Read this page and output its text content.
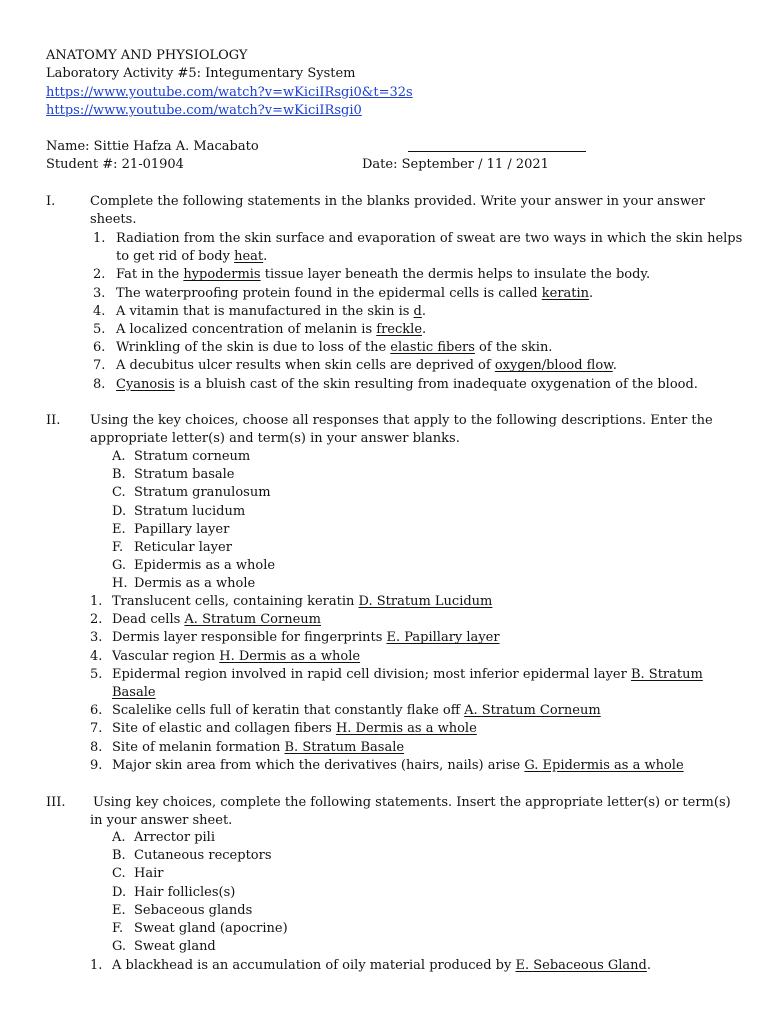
ANATOMY AND PHYSIOLOGY
Laboratory Activity #5: Integumentary System
https://www.youtube.com/watch?v=wKiciIRsgi0&t=32s
https://www.youtube.com/watch?v=wKiciIRsgi0
Name: Sittie Hafza A. Macabato
Student #: 21-01904	Date: September / 11 / 2021
I.	Complete the following statements in the blanks provided. Write your answer in your answer
sheets.
1. Radiation from the skin surface and evaporation of sweat are two ways in which the skin helps
to get rid of body heat.
2. Fat in the hypodermis tissue layer beneath the dermis helps to insulate the body.
3. The waterproofing protein found in the epidermal cells is called keratin.
4. A vitamin that is manufactured in the skin is d.
5. A localized concentration of melanin is freckle.
6. Wrinkling of the skin is due to loss of the elastic fibers of the skin.
7. A decubitus ulcer results when skin cells are deprived of oxygen/blood flow.
8. Cyanosis is a bluish cast of the skin resulting from inadequate oxygenation of the blood.
II. Using the key choices, choose all responses that apply to the following descriptions. Enter the
appropriate letter(s) and term(s) in your answer blanks.
A. Stratum corneum
B. Stratum basale
C. Stratum granulosum
D. Stratum lucidum
E. Papillary layer
F. Reticular layer
G. Epidermis as a whole
H. Dermis as a whole
1. Translucent cells, containing keratin D. Stratum Lucidum
2. Dead cells A. Stratum Corneum
3. Dermis layer responsible for fingerprints E. Papillary layer
4. Vascular region H. Dermis as a whole
5. Epidermal region involved in rapid cell division; most inferior epidermal layer B. Stratum
Basale
6. Scalelike cells full of keratin that constantly flake off A. Stratum Corneum
7. Site of elastic and collagen fibers H. Dermis as a whole
8. Site of melanin formation B. Stratum Basale
9. Major skin area from which the derivatives (hairs, nails) arise G. Epidermis as a whole
III. Using key choices, complete the following statements. Insert the appropriate letter(s) or term(s)
in your answer sheet.
A. Arrector pili
B. Cutaneous receptors
C. Hair
D. Hair follicles(s)
E. Sebaceous glands
F. Sweat gland (apocrine)
G. Sweat gland
1. A blackhead is an accumulation of oily material produced by E. Sebaceous Gland.
